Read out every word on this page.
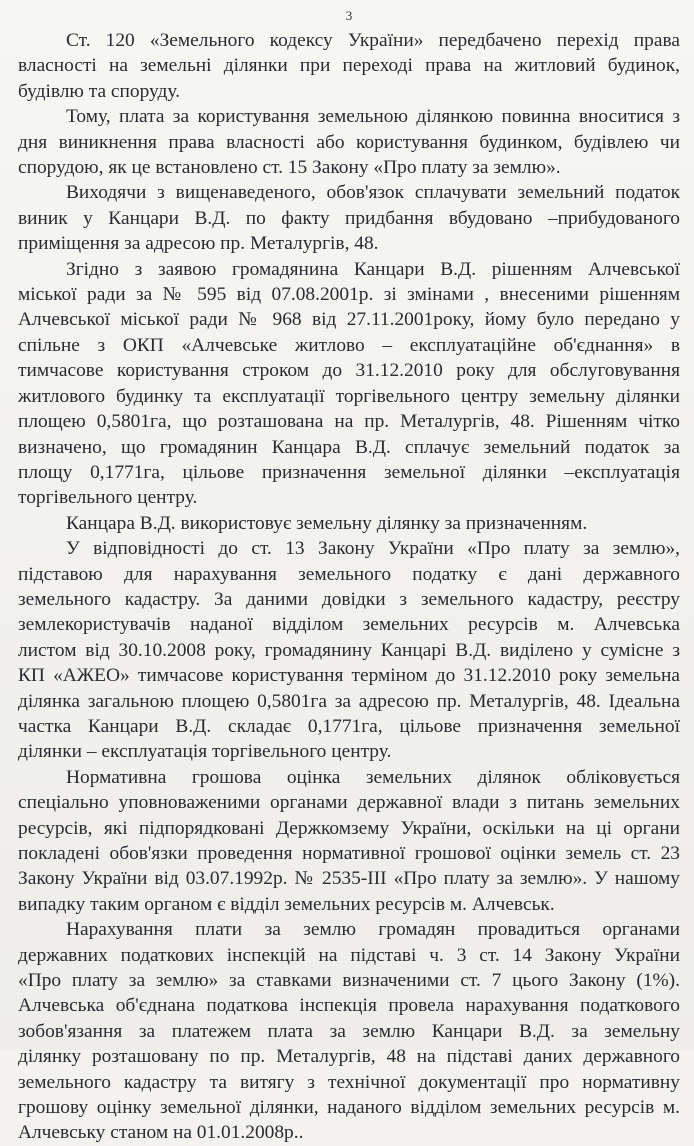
3

Ст. 120 «Земельного кодексу України» передбачено перехід права
власності на земельні ділянки при переході права на житловий будинок,
будівлю та споруду.

Тому, плата за користування земельною ділянкою повинна вноситися з
дня виникнення права власності або користування будинком, будівлею чи
спорудою, як це встановлено ст. 15 Закону «Про плату за землю».

Виходячи з вищенаведеного, обов'язок сплачувати земельний податок
виник у Канцари В.Д. по факту придбання вбудовано –прибудованого
приміщення за адресою пр. Металургів, 48.

Згідно з заявою громадянина Канцари В.Д. рішенням Алчевської
міської ради за № 595 від 07.08.2001р. зі змінами , внесеними рішенням
Алчевської міської ради № 968 від 27.11.2001року, йому було передано у
спільне з ОКП «Алчевське житлово – експлуатаційне об'єднання» в
тимчасове користування строком до 31.12.2010 року для обслуговування
житлового будинку та експлуатації торгівельного центру земельну ділянки
площею 0,5801га, що розташована на пр. Металургів, 48. Рішенням чітко
визначено, що громадянин Канцара В.Д. сплачує земельний податок за
площу 0,1771га, цільове призначення земельної ділянки –експлуатація
торгівельного центру.

Канцара В.Д. використовує земельну ділянку за призначенням.

У відповідності до ст. 13 Закону України «Про плату за землю»,
підставою для нарахування земельного податку є дані державного
земельного кадастру. За даними довідки з земельного кадастру, реєстру
землекористувачів наданої відділом земельних ресурсів м. Алчевська
листом від 30.10.2008 року, громадянину Канцарі В.Д. виділено у сумісне з
КП «АЖЕО» тимчасове користування терміном до 31.12.2010 року земельна
ділянка загальною площею 0,5801га за адресою пр. Металургів, 48. Ідеальна
частка Канцари В.Д. складає 0,1771га, цільове призначення земельної
ділянки – експлуатація торгівельного центру.

Нормативна грошова оцінка земельних ділянок обліковується
спеціально уповноваженими органами державної влади з питань земельних
ресурсів, які підпорядковані Держкомзему України, оскільки на ці органи
покладені обов'язки проведення нормативної грошової оцінки земель ст. 23
Закону України від 03.07.1992р. № 2535-ІІІ «Про плату за землю». У нашому
випадку таким органом є відділ земельних ресурсів м. Алчевськ.

Нарахування плати за землю громадян провадиться органами
державних податкових інспекцій на підставі ч. 3 ст. 14 Закону України
«Про плату за землю» за ставками визначеними ст. 7 цього Закону (1%).
Алчевська об'єднана податкова інспекція провела нарахування податкового
зобов'язання за платежем плата за землю Канцари В.Д. за земельну
ділянку розташовану по пр. Металургів, 48 на підставі даних державного
земельного кадастру та витягу з технічної документації про нормативну
грошову оцінку земельної ділянки, наданого відділом земельних ресурсів м.
Алчевську станом на 01.01.2008р..
